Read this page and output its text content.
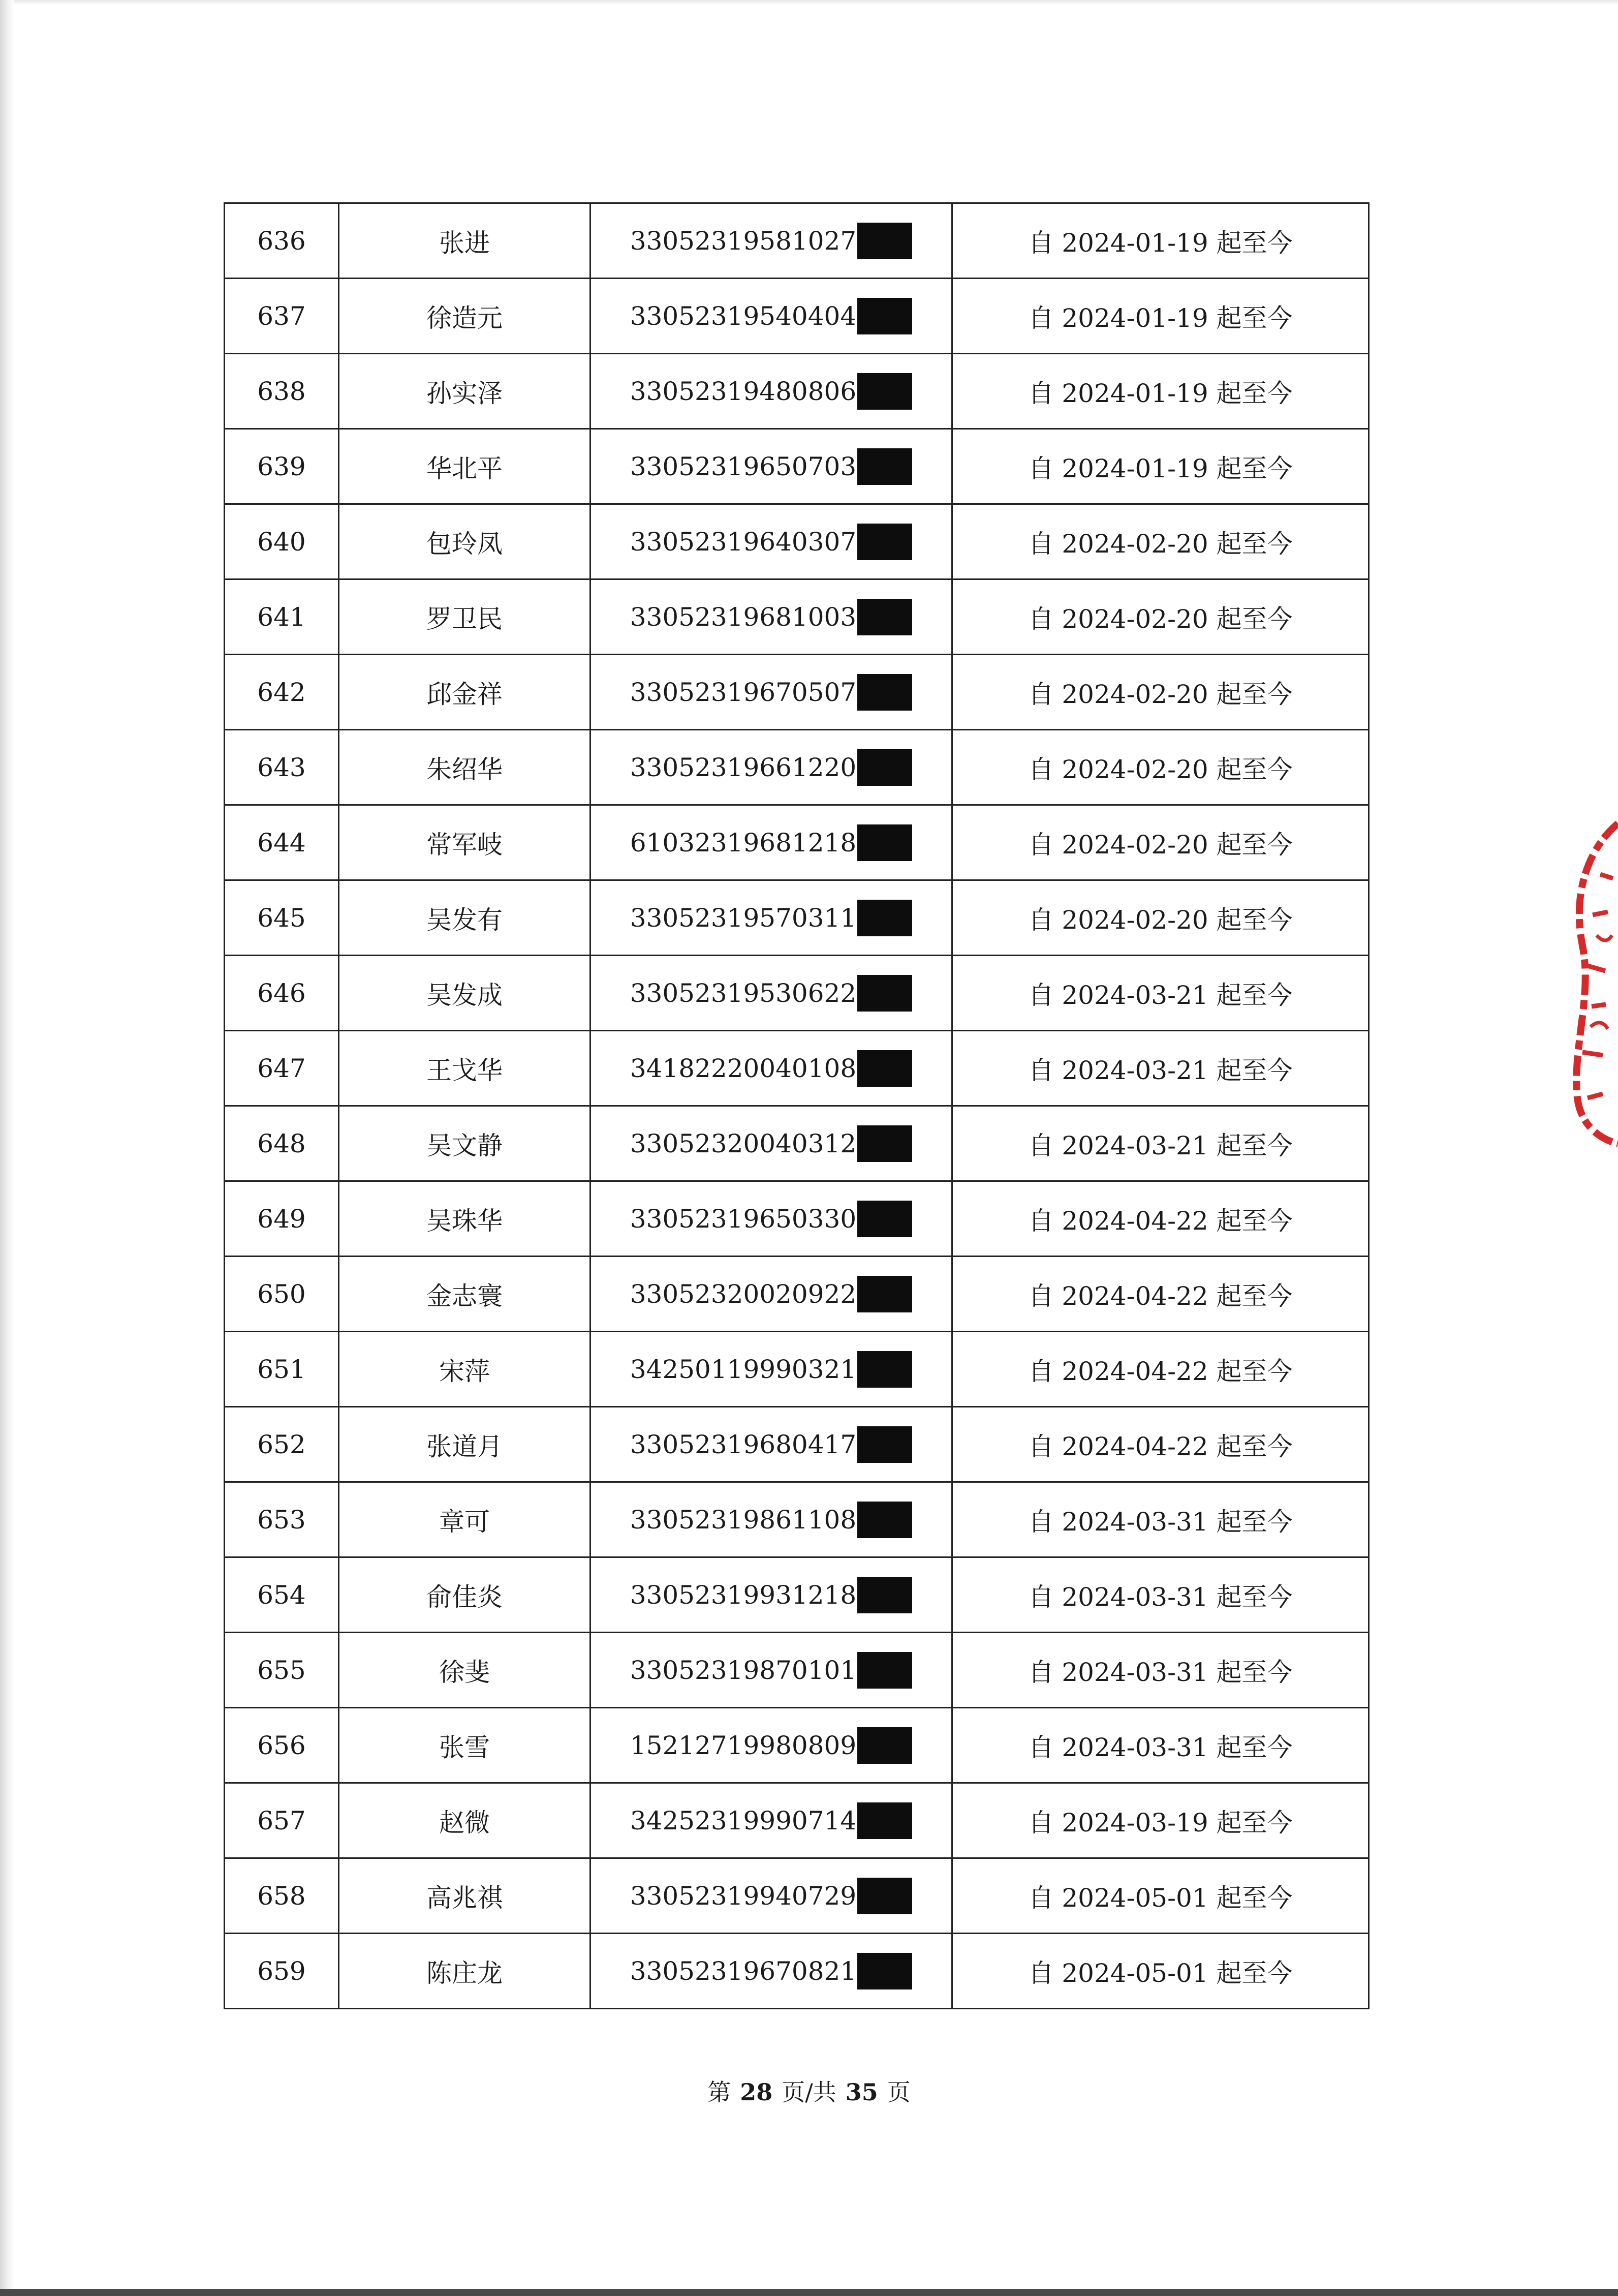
636	张进	33052319581027	自 2024-01-19 起至今
637	徐造元	33052319540404	自 2024-01-19 起至今
638	孙实泽	33052319480806	自 2024-01-19 起至今
639	华北平	33052319650703	自 2024-01-19 起至今
640	包玲凤	33052319640307	自 2024-02-20 起至今
641	罗卫民	33052319681003	自 2024-02-20 起至今
642	邱金祥	33052319670507	自 2024-02-20 起至今
643	朱绍华	33052319661220	自 2024-02-20 起至今
644	常军岐	61032319681218	自 2024-02-20 起至今
645	吴发有	33052319570311	自 2024-02-20 起至今
646	吴发成	33052319530622	自 2024-03-21 起至今
647	王戈华	34182220040108	自 2024-03-21 起至今
648	吴文静	33052320040312	自 2024-03-21 起至今
649	吴珠华	33052319650330	自 2024-04-22 起至今
650	金志寰	33052320020922	自 2024-04-22 起至今
651	宋萍	34250119990321	自 2024-04-22 起至今
652	张道月	33052319680417	自 2024-04-22 起至今
653	章可	33052319861108	自 2024-03-31 起至今
654	俞佳炎	33052319931218	自 2024-03-31 起至今
655	徐斐	33052319870101	自 2024-03-31 起至今
656	张雪	15212719980809	自 2024-03-31 起至今
657	赵微	34252319990714	自 2024-03-19 起至今
658	高兆祺	33052319940729	自 2024-05-01 起至今
659	陈庄龙	33052319670821	自 2024-05-01 起至今
第 28 页/共 35 页
